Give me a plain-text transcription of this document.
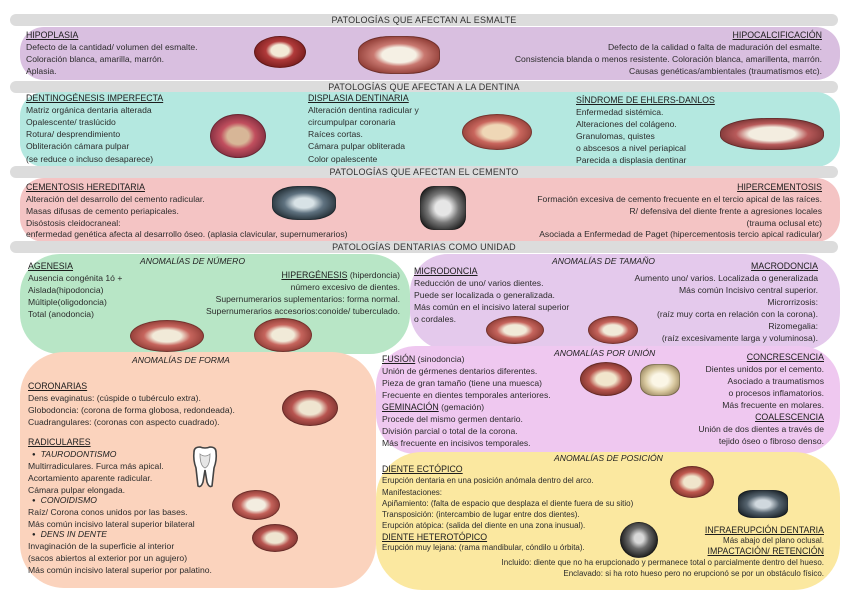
PATOLOGÍAS QUE AFECTAN AL ESMALTE
HIPOPLASIA
Defecto de la cantidad/ volumen del esmalte.
Coloración blanca, amarilla, marrón.
Aplasia.
HIPOCALCIFICACIÓN
Defecto de la calidad o falta de maduración del esmalte.
Consistencia blanda o menos resistente. Coloración blanca, amarillenta, marrón.
Causas genéticas/ambientales (traumatismos etc).
PATOLOGÍAS QUE AFECTAN A LA DENTINA
DENTINOGÉNESIS IMPERFECTA
Matriz orgánica dentaria alterada
Opalescente/ traslúcido
Rotura/ desprendimiento
Obliteración cámara pulpar
(se reduce o incluso desaparece)
DISPLASIA DENTINARIA
Alteración dentina radicular y
circumpulpar coronaria
Raíces cortas.
Cámara pulpar obliterada
Color opalescente
SÍNDROME DE EHLERS-DANLOS
Enfermedad sistémica.
Alteraciones del colágeno.
Granulomas, quistes
o abscesos a nivel periapical
Parecida a displasia dentinar
PATOLOGÍAS QUE AFECTAN EL CEMENTO
CEMENTOSIS HEREDITARIA
Alteración del desarrollo del cemento radicular.
Masas difusas de cemento periapicales.
Disóstosis cleidocraneal:
enfermedad genética afecta al desarrollo óseo. (aplasia clavicular, supernumerarios)
HIPERCEMENTOSIS
Formación excesiva de cemento frecuente en el tercio apical de las raíces.
R/ defensiva del diente frente a agresiones locales
(trauma oclusal etc)
Asociada a Enfermedad de Paget (hipercementosis tercio apical radicular)
PATOLOGÍAS DENTARIAS COMO UNIDAD
ANOMALÍAS DE NÚMERO
AGENESIA
Ausencia congénita 1ó +
Aislada(hipodoncia)
Múltiple(oligodoncia)
Total (anodoncia)
HIPERGÉNESIS (hiperdoncia)
número excesivo de dientes.
Supernumerarios suplementarios: forma normal.
Supernumerarios accesorios:conoide/ tuberculado.
ANOMALÍAS DE TAMAÑO
MICRODONCIA
Reducción de uno/ varios dientes.
Puede ser localizada o generalizada.
Más común en el incisivo lateral superior
o cordales.
MACRODONCIA
Aumento uno/ varios. Localizada o generalizada
Más común Incisivo central superior.
Microrrizosis:
(raíz muy corta en relación con la corona).
Rizomegalia:
(raíz excesivamente larga y voluminosa).
ANOMALÍAS DE FORMA
CORONARIAS
Dens evaginatus: (cúspide o tubérculo extra).
Globodoncia: (corona de forma globosa, redondeada).
Cuadrangulares: (coronas con aspecto cuadrado).
RADICULARES
● TAURODONTISMO
Multirradiculares. Furca más apical.
Acortamiento aparente radicular.
Cámara pulpar elongada.
● CONOIDISMO
Raíz/ Corona conos unidos por las bases.
Más común incisivo lateral superior bilateral
● DENS IN DENTE
Invaginación de la superficie al interior
(sacos abiertos al exterior por un agujero)
Más común incisivo lateral superior por palatino.
ANOMALÍAS POR UNIÓN
FUSIÓN (sinodoncia)
Unión de gérmenes dentarios diferentes.
Pieza de gran tamaño (tiene una muesca)
Frecuente en dientes temporales anteriores.
GEMINACIÓN (gemación)
Procede del mismo germen dentario.
División parcial o total de la corona.
Más frecuente en incisivos temporales.
CONCRESCENCIA
Dientes unidos por el cemento.
Asociado a traumatismos
o procesos inflamatorios.
Más frecuente en molares.
COALESCENCIA
Unión de dos dientes a través de
tejido óseo o fibroso denso.
ANOMALÍAS DE POSICIÓN
DIENTE ECTÓPICO
Erupción dentaria en una posición anómala dentro del arco.
Manifestaciones:
Apiñamiento: (falta de espacio que desplaza el diente fuera de su sitio)
Transposición: (intercambio de lugar entre dos dientes).
Erupción atópica: (salida del diente en una zona inusual).
DIENTE HETEROTÓPICO
Erupción muy lejana: (rama mandibular, cóndilo u órbita).
INFRAERUPCIÓN DENTARIA
Más abajo del plano oclusal.
IMPACTACIÓN/ RETENCIÓN
Incluido: diente que no ha erupcionado y permanece total o parcialmente dentro del hueso.
Enclavado: si ha roto hueso pero no erupcionó se por un obstáculo físico.
